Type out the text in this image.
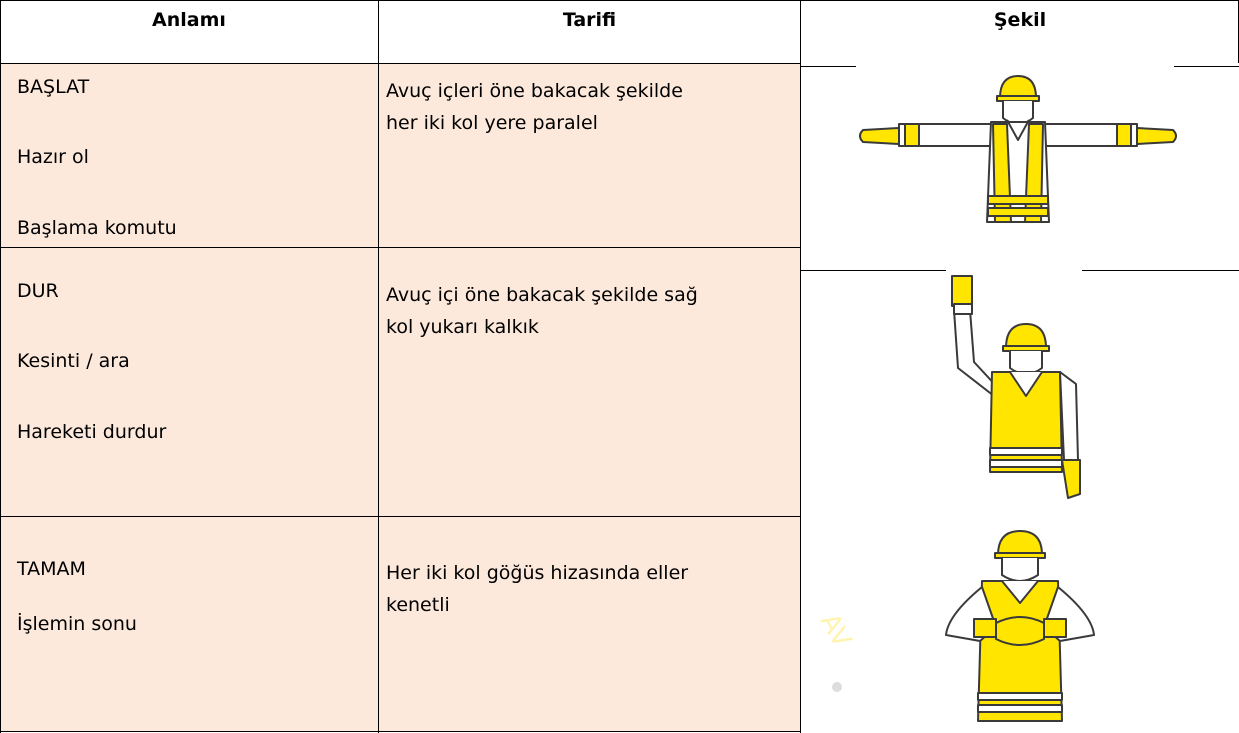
Anlamı	Tarifi	Şekil
BAŞLAT
Hazır ol
Başlama komutu
Avuç içleri öne bakacak şekilde
her iki kol yere paralel
DUR
Kesinti / ara
Hareketi durdur
Avuç içi öne bakacak şekilde sağ
kol yukarı kalkık
TAMAM
İşlemin sonu
Her iki kol göğüs hizasında eller
kenetli
AV
